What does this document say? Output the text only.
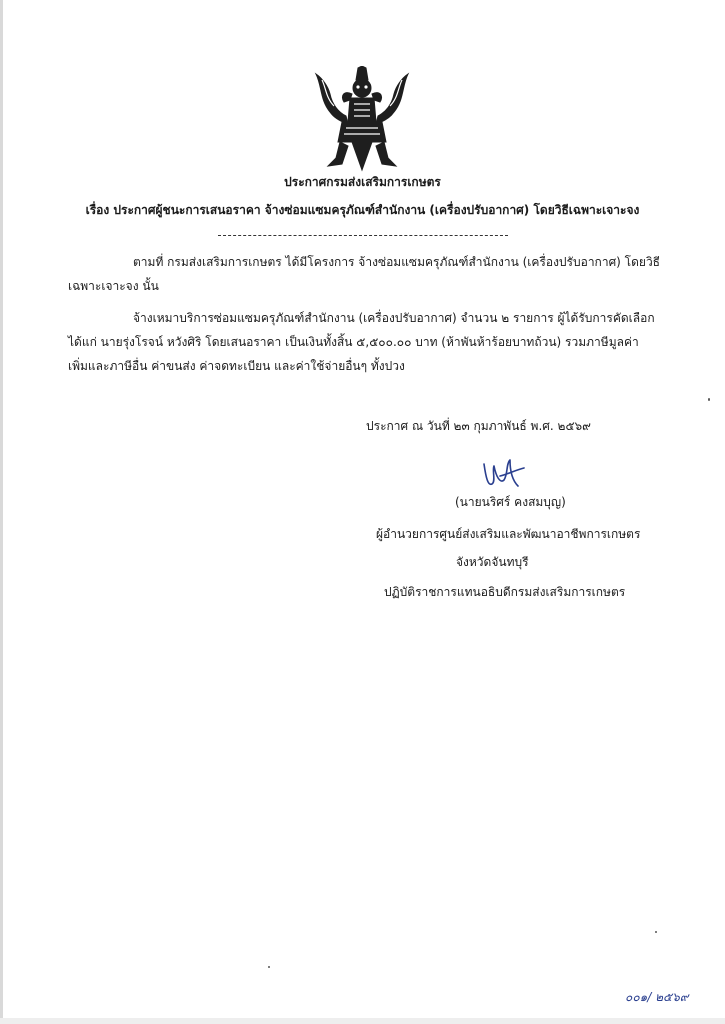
ประกาศกรมส่งเสริมการเกษตร
เรื่อง ประกาศผู้ชนะการเสนอราคา จ้างซ่อมแซมครุภัณฑ์สำนักงาน (เครื่องปรับอากาศ) โดยวิธีเฉพาะเจาะจง
ตามที่ กรมส่งเสริมการเกษตร ได้มีโครงการ จ้างซ่อมแซมครุภัณฑ์สำนักงาน (เครื่องปรับอากาศ) โดยวิธี
เฉพาะเจาะจง นั้น
จ้างเหมาบริการซ่อมแซมครุภัณฑ์สำนักงาน (เครื่องปรับอากาศ) จำนวน ๒ รายการ ผู้ได้รับการคัดเลือก
ได้แก่ นายรุ่งโรจน์ หวังศิริ โดยเสนอราคา เป็นเงินทั้งสิ้น ๕,๕๐๐.๐๐ บาท (ห้าพันห้าร้อยบาทถ้วน) รวมภาษีมูลค่า
เพิ่มและภาษีอื่น ค่าขนส่ง ค่าจดทะเบียน และค่าใช้จ่ายอื่นๆ ทั้งปวง
ประกาศ ณ วันที่ ๒๓ กุมภาพันธ์ พ.ศ. ๒๕๖๙
(นายนริศร์ คงสมบุญ)
ผู้อำนวยการศูนย์ส่งเสริมและพัฒนาอาชีพการเกษตร
จังหวัดจันทบุรี
ปฏิบัติราชการแทนอธิบดีกรมส่งเสริมการเกษตร
๐๐๑/ ๒๕๖๙
